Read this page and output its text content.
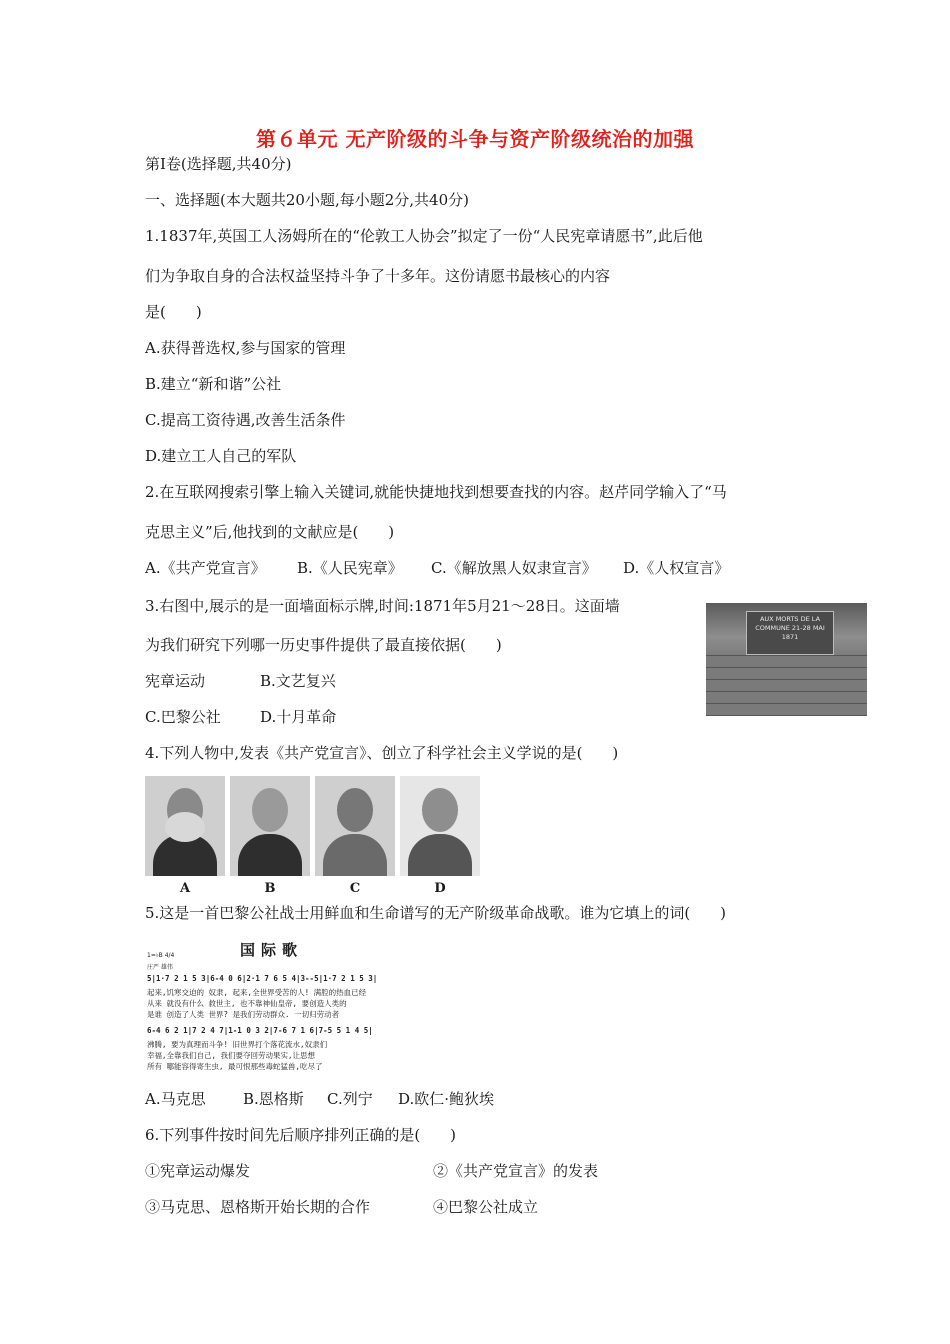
第６单元 无产阶级的斗争与资产阶级统治的加强
第Ⅰ卷(选择题,共40分)
一、选择题(本大题共20小题,每小题2分,共40分)
1.1837年,英国工人汤姆所在的“伦敦工人协会”拟定了一份“人民宪章请愿书”,此后他
们为争取自身的合法权益坚持斗争了十多年。这份请愿书最核心的内容
是(　　)
A.获得普选权,参与国家的管理
B.建立“新和谐”公社
C.提高工资待遇,改善生活条件
D.建立工人自己的军队
2.在互联网搜索引擎上输入关键词,就能快捷地找到想要查找的内容。赵芹同学输入了“马
克思主义”后,他找到的文献应是(　　)
A.《共产党宣言》 B.《人民宪章》 C.《解放黑人奴隶宣言》 D.《人权宣言》
3.右图中,展示的是一面墙面标示牌,时间:1871年5月21～28日。这面墙
为我们研究下列哪一历史事件提供了最直接依据(　　)
宪章运动	B.文艺复兴
C.巴黎公社	D.十月革命
AUX MORTS DE LA COMMUNE 21-28 MAI 1871
4.下列人物中,发表《共产党宣言》、创立了科学社会主义学说的是(　　)
A	B	C	D
5.这是一首巴黎公社战士用鲜血和生命谱写的无产阶级革命战歌。谁为它填上的词(　　)
国际歌
1=♭B 4/4
庄严 雄伟
5|1·7 2 1 5 3|6-4 0 6|2·1 7 6 5 4|3--5|1·7 2 1 5 3|
起来,饥寒交迫的 奴隶, 起来,全世界受苦的人! 满腔的热血已经
从来 就没有什么 救世主, 也不靠神仙皇帝, 要创造人类的
是谁 创造了人类 世界? 是我们劳动群众. 一切归劳动者
6-4 6 2 1|7 2 4 7|1-1 0 3 2|7-6 7 1 6|7-5 5 1 4 5|
沸腾, 要为真理而斗争! 旧世界打个落花流水,奴隶们
幸福,全靠我们自己, 我们要夺回劳动果实,让思想
所有 哪能容得寄生虫, 最可恨那些毒蛇猛兽,吃尽了
A.马克思 B.恩格斯 C.列宁 D.欧仁·鲍狄埃
6.下列事件按时间先后顺序排列正确的是(　　)
①宪章运动爆发	②《共产党宣言》的发表
③马克思、恩格斯开始长期的合作	④巴黎公社成立
